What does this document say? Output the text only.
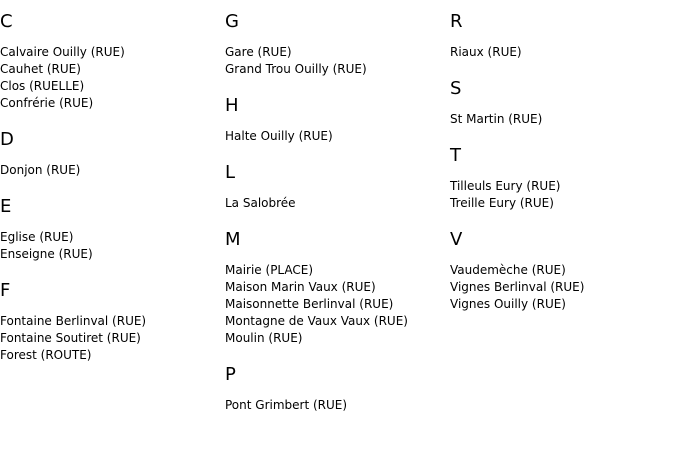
C
Calvaire Ouilly (RUE)
Cauhet (RUE)
Clos (RUELLE)
Confrérie (RUE)
D
Donjon (RUE)
E
Eglise (RUE)
Enseigne (RUE)
F
Fontaine Berlinval (RUE)
Fontaine Soutiret (RUE)
Forest (ROUTE)
G
Gare (RUE)
Grand Trou Ouilly (RUE)
H
Halte Ouilly (RUE)
L
La Salobrée
M
Mairie (PLACE)
Maison Marin Vaux (RUE)
Maisonnette Berlinval (RUE)
Montagne de Vaux Vaux (RUE)
Moulin (RUE)
P
Pont Grimbert (RUE)
R
Riaux (RUE)
S
St Martin (RUE)
T
Tilleuls Eury (RUE)
Treille Eury (RUE)
V
Vaudemèche (RUE)
Vignes Berlinval (RUE)
Vignes Ouilly (RUE)
